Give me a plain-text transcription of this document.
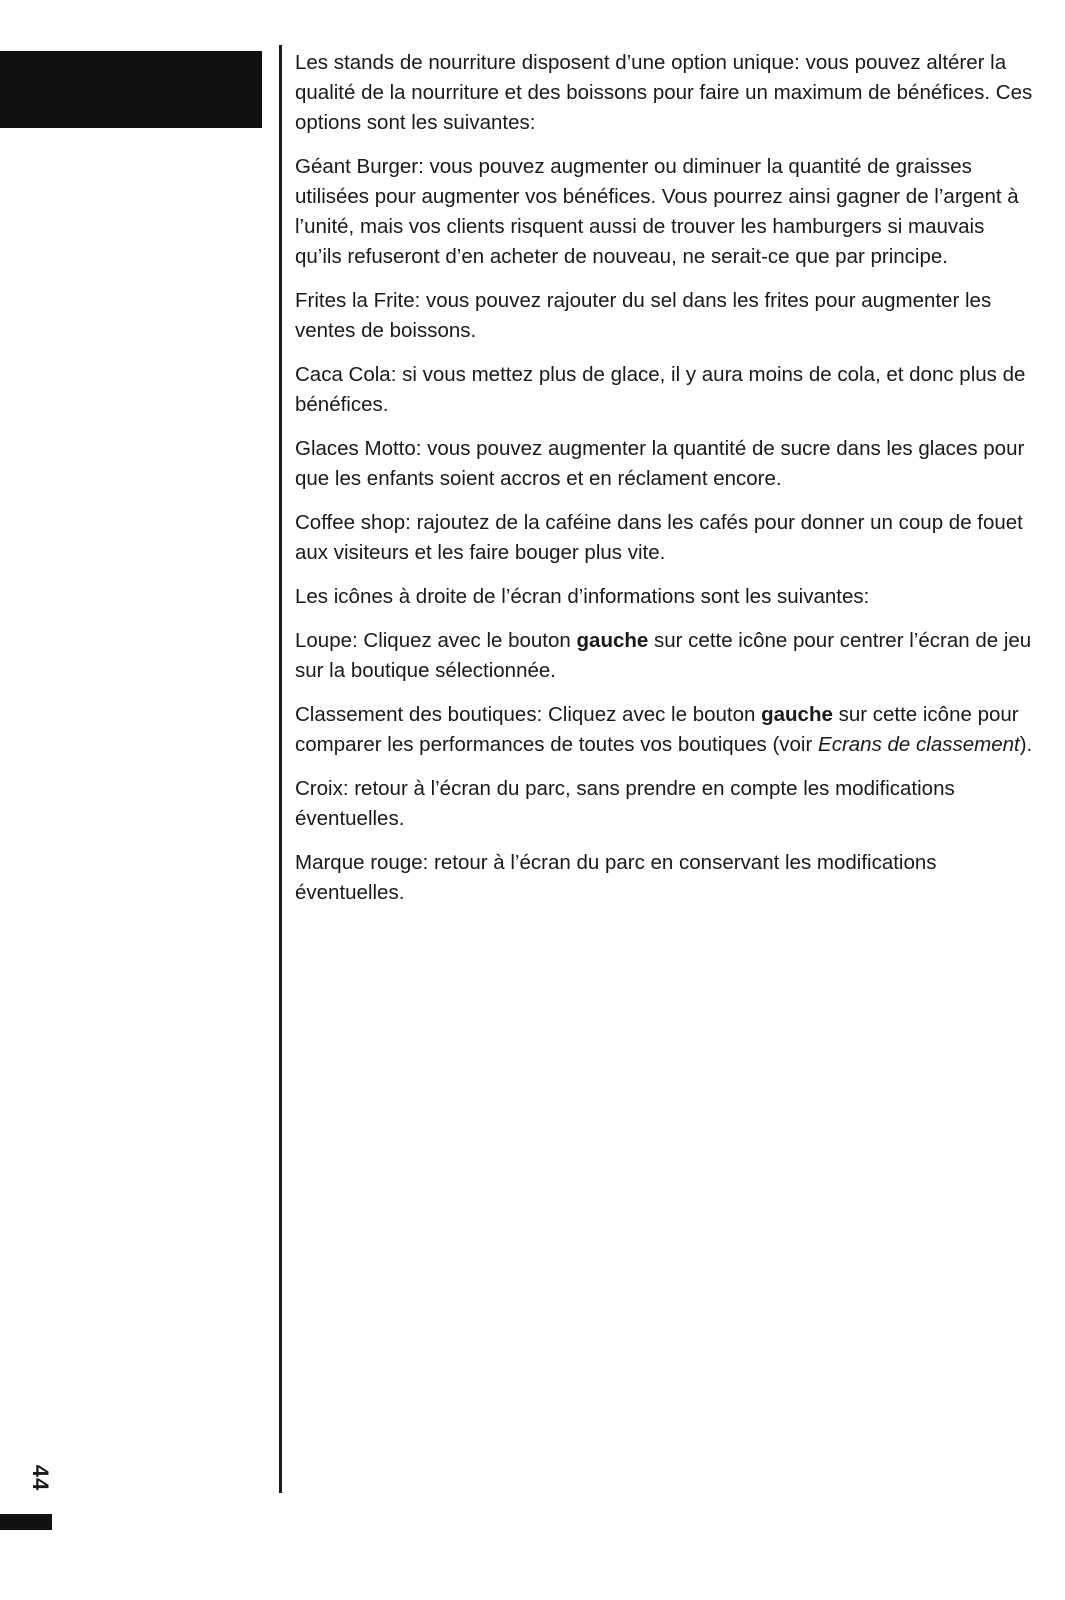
Les stands de nourriture disposent d’une option unique: vous pouvez altérer la qualité de la nourriture et des boissons pour faire un maximum de bénéfices. Ces options sont les suivantes:

Géant Burger: vous pouvez augmenter ou diminuer la quantité de graisses utilisées pour augmenter vos bénéfices. Vous pourrez ainsi gagner de l’argent à l’unité, mais vos clients risquent aussi de trouver les hamburgers si mauvais qu’ils refuseront d’en acheter de nouveau, ne serait-ce que par principe.

Frites la Frite: vous pouvez rajouter du sel dans les frites pour augmenter les ventes de boissons.

Caca Cola: si vous mettez plus de glace, il y aura moins de cola, et donc plus de bénéfices.

Glaces Motto: vous pouvez augmenter la quantité de sucre dans les glaces pour que les enfants soient accros et en réclament encore.

Coffee shop: rajoutez de la caféine dans les cafés pour donner un coup de fouet aux visiteurs et les faire bouger plus vite.

Les icônes à droite de l’écran d’informations sont les suivantes:

Loupe: Cliquez avec le bouton gauche sur cette icône pour centrer l’écran de jeu sur la boutique sélectionnée.

Classement des boutiques: Cliquez avec le bouton gauche sur cette icône pour comparer les performances de toutes vos boutiques (voir Ecrans de classement).

Croix: retour à l’écran du parc, sans prendre en compte les modifications éventuelles.

Marque rouge: retour à l’écran du parc en conservant les modifications éventuelles.

44
